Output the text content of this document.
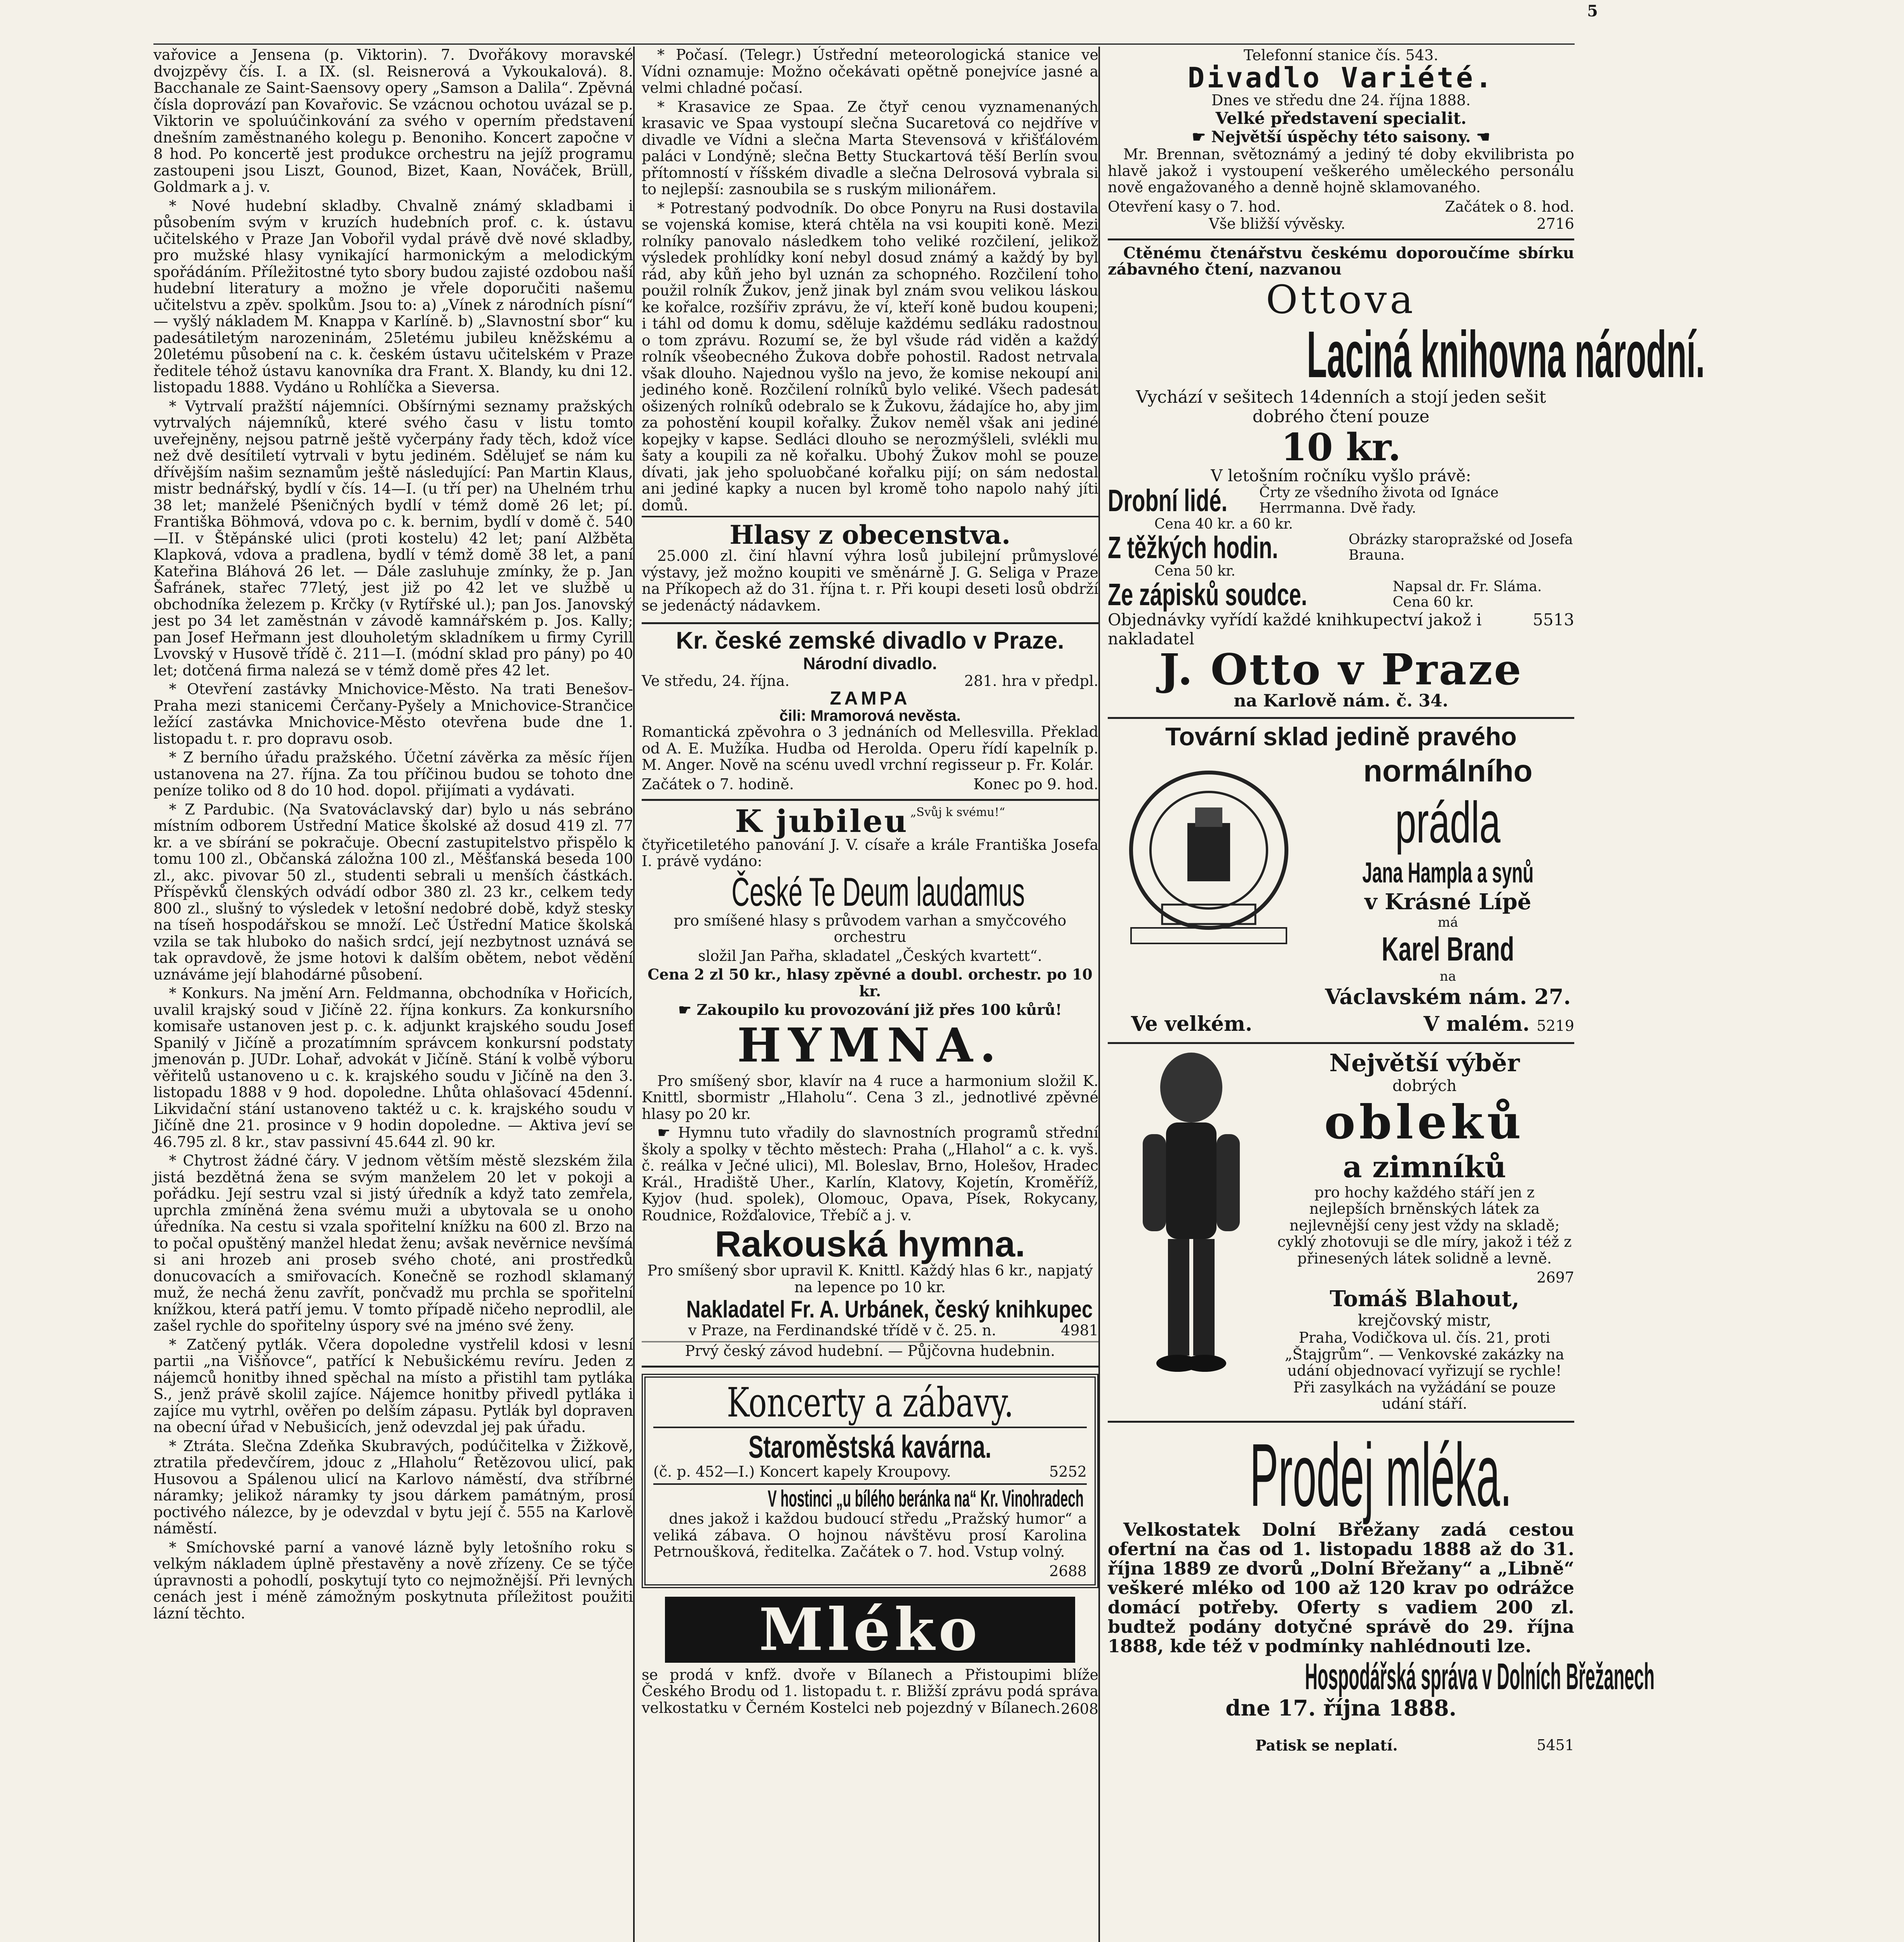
5

vařovice a Jensena (p. Viktorin). 7. Dvořákovy moravské dvojzpěvy čís. I. a IX. (sl. Reisnerová a Vykoukalová). 8. Bacchanale ze Saint-Saensovy opery „Samson a Dalila“. Zpěvná čísla doprovází pan Kovařovic. Se vzácnou ochotou uvázal se p. Viktorin ve spoluúčinkování za svého v operním představení dnešním zaměstnaného kolegu p. Benoniho. Koncert započne v 8 hod. Po koncertě jest produkce orchestru na jejíž programu zastoupeni jsou Liszt, Gounod, Bizet, Kaan, Nováček, Brüll, Goldmark a j. v.

* Nové hudební skladby. Chvalně známý skladbami i působením svým v kruzích hudebních prof. c. k. ústavu učitelského v Praze Jan Vobořil vydal právě dvě nové skladby, pro mužské hlasy vynikající harmonickým a melodickým spořádáním. Příležitostné tyto sbory budou zajisté ozdobou naší hudební literatury a možno je vřele doporučiti našemu učitelstvu a zpěv. spolkům. Jsou to: a) „Vínek z národních písní“ — vyšlý nákladem M. Knappa v Karlíně. b) „Slavnostní sbor“ ku padesátiletým narozeninám, 25letému jubileu kněžskému a 20letému působení na c. k. českém ústavu učitelském v Praze ředitele téhož ústavu kanovníka dra Frant. X. Blandy, ku dni 12. listopadu 1888. Vydáno u Rohlíčka a Sieversa.

* Vytrvalí pražští nájemníci. Obšírnými seznamy pražských vytrvalých nájemníků, které svého času v listu tomto uveřejněny, nejsou patrně ještě vyčerpány řady těch, kdož více než dvě desítiletí vytrvali v bytu jediném. Sdělujeť se nám ku dřívějším našim seznamům ještě následující: Pan Martin Klaus, mistr bednářský, bydlí v čís. 14—I. (u tří per) na Uhelném trhu 38 let; manželé Pšeničných bydlí v témž domě 26 let; pí. Františka Böhmová, vdova po c. k. bernim, bydlí v domě č. 540—II. v Štěpánské ulici (proti kostelu) 42 let; paní Alžběta Klapková, vdova a pradlena, bydlí v témž domě 38 let, a paní Kateřina Bláhová 26 let. — Dále zasluhuje zmínky, že p. Jan Šafránek, stařec 77letý, jest již po 42 let ve službě u obchodníka železem p. Krčky (v Rytířské ul.); pan Jos. Janovský jest po 34 let zaměstnán v závodě kamnářském p. Jos. Kally; pan Josef Heřmann jest dlouholetým skladníkem u firmy Cyrill Lvovský v Husově třídě č. 211—I. (módní sklad pro pány) po 40 let; dotčená firma nalezá se v témž domě přes 42 let.

* Otevření zastávky Mnichovice-Město. Na trati Benešov-Praha mezi stanicemi Čerčany-Pyšely a Mnichovice-Strančice ležící zastávka Mnichovice-Město otevřena bude dne 1. listopadu t. r. pro dopravu osob.

* Z berního úřadu pražského. Účetní závěrka za měsíc říjen ustanovena na 27. října. Za tou příčinou budou se tohoto dne peníze toliko od 8 do 10 hod. dopol. přijímati a vydávati.

* Z Pardubic. (Na Svatováclavský dar) bylo u nás sebráno místním odborem Ústřední Matice školské až dosud 419 zl. 77 kr. a ve sbírání se pokračuje. Obecní zastupitelstvo přispělo k tomu 100 zl., Občanská záložna 100 zl., Měšťanská beseda 100 zl., akc. pivovar 50 zl., studenti sebrali u menších částkách. Příspěvků členských odvádí odbor 380 zl. 23 kr., celkem tedy 800 zl., slušný to výsledek v letošní nedobré době, když stesky na tíseň hospodářskou se množí. Leč Ústřední Matice školská vzila se tak hluboko do našich srdcí, její nezbytnost uznává se tak opravdově, že jsme hotovi k dalším obětem, nebot vědění uznáváme její blahodárné působení.

* Konkurs. Na jmění Arn. Feldmanna, obchodníka v Hořicích, uvalil krajský soud v Jičíně 22. října konkurs. Za konkursního komisaře ustanoven jest p. c. k. adjunkt krajského soudu Josef Spanilý v Jičíně a prozatímním správcem konkursní podstaty jmenován p. JUDr. Lohař, advokát v Jičíně. Stání k volbě výboru věřitelů ustanoveno u c. k. krajského soudu v Jičíně na den 3. listopadu 1888 v 9 hod. dopoledne. Lhůta ohlašovací 45denní. Likvidační stání ustanoveno taktéž u c. k. krajského soudu v Jičíně dne 21. prosince v 9 hodin dopoledne. — Aktiva jeví se 46.795 zl. 8 kr., stav passivní 45.644 zl. 90 kr.

* Chytrost žádné čáry. V jednom větším městě slezském žila jistá bezdětná žena se svým manželem 20 let v pokoji a pořádku. Její sestru vzal si jistý úředník a když tato zemřela, uprchla zmíněná žena svému muži a ubytovala se u onoho úředníka. Na cestu si vzala spořitelní knížku na 600 zl. Brzo na to počal opuštěný manžel hledat ženu; avšak nevěrnice nevšímá si ani hrozeb ani proseb svého choté, ani prostředků donucovacích a smiřovacích. Konečně se rozhodl sklamaný muž, že nechá ženu zavřít, pončvadž mu prchla se spořitelní knížkou, která patří jemu. V tomto případě ničeho neprodlil, ale zašel rychle do spořitelny úspory své na jméno své ženy.

* Zatčený pytlák. Včera dopoledne vystřelil kdosi v lesní partii „na Višňovce“, patřící k Nebušickému revíru. Jeden z nájemců honitby ihned spěchal na místo a přistihl tam pytláka S., jenž právě skolil zajíce. Nájemce honitby přivedl pytláka i zajíce mu vytrhl, ověřen po delším zápasu. Pytlák byl dopraven na obecní úřad v Nebušicích, jenž odevzdal jej pak úřadu.

* Ztráta. Slečna Zdeňka Skubravých, podúčitelka v Žižkově, ztratila předevčírem, jdouc z „Hlaholu“ Řetězovou ulicí, pak Husovou a Spálenou ulicí na Karlovo náměstí, dva stříbrné náramky; jelikož náramky ty jsou dárkem památným, prosí poctivého nálezce, by je odevzdal v bytu její č. 555 na Karlově náměstí.

* Smíchovské parní a vanové lázně byly letošního roku s velkým nákladem úplně přestavěny a nově zřízeny. Ce se týče úpravnosti a pohodlí, poskytují tyto co nejmožnější. Při levných cenách jest i méně zámožným poskytnuta příležitost použiti lázní těchto.

* Počasí. (Telegr.) Ústřední meteorologická stanice ve Vídni oznamuje: Možno očekávati opětně ponejvíce jasné a velmi chladné počasí.

* Krasavice ze Spaa. Ze čtyř cenou vyznamenaných krasavic ve Spaa vystoupí slečna Sucaretová co nejdříve v divadle ve Vídni a slečna Marta Stevensová v křišťálovém paláci v Londýně; slečna Betty Stuckartová těší Berlín svou přítomností v říšském divadle a slečna Delrosová vybrala si to nejlepší: zasnoubila se s ruským milionářem.

* Potrestaný podvodník. Do obce Ponyru na Rusi dostavila se vojenská komise, která chtěla na vsi koupiti koně. Mezi rolníky panovalo následkem toho veliké rozčilení, jelikož výsledek prohlídky koní nebyl dosud známý a každý by byl rád, aby kůň jeho byl uznán za schopného. Rozčilení toho použil rolník Žukov, jenž jinak byl znám svou velikou láskou ke kořalce, rozšířiv zprávu, že ví, kteří koně budou koupeni; i táhl od domu k domu, sděluje každému sedláku radostnou o tom zprávu. Rozumí se, že byl všude rád viděn a každý rolník všeobecného Žukova dobře pohostil. Radost netrvala však dlouho. Najednou vyšlo na jevo, že komise nekoupí ani jediného koně. Rozčilení rolníků bylo veliké. Všech padesát ošizených rolníků odebralo se k Žukovu, žádajíce ho, aby jim za pohostění koupil kořalky. Žukov neměl však ani jediné kopejky v kapse. Sedláci dlouho se nerozmýšleli, svlékli mu šaty a koupili za ně kořalku. Ubohý Žukov mohl se pouze dívati, jak jeho spoluobčané kořalku pijí; on sám nedostal ani jediné kapky a nucen byl kromě toho napolo nahý jíti domů.

Hlasy z obecenstva.

25.000 zl. činí hlavní výhra losů jubilejní průmyslové výstavy, jež možno koupiti ve směnárně J. G. Seliga v Praze na Příkopech až do 31. října t. r. Při koupi deseti losů obdrží se jedenáctý nádavkem.

Kr. české zemské divadlo v Praze.
Národní divadlo.
Ve středu, 24. října.	281. hra v předpl.
ZAMPA
čili: Mramorová nevěsta.

Romantická zpěvohra o 3 jednáních od Mellesvilla. Překlad od A. E. Mužíka. Hudba od Herolda. Operu řídí kapelník p. M. Anger. Nově na scénu uvedl vrchní regisseur p. Fr. Kolár.

Začátek o 7. hodině.	Konec po 9. hod.
K jubileu „Svůj k svému!“

čtyřicetiletého panování J. V. císaře a krále Františka Josefa I. právě vydáno:

České Te Deum laudamus

pro smíšené hlasy s průvodem varhan a smyčcového orchestru

složil Jan Pařha, skladatel „Českých kvartett“.

Cena 2 zl 50 kr., hlasy zpěvné a doubl. orchestr. po 10 kr.

☛ Zakoupilo ku provozování již přes 100 kůrů!

HYMNA.

Pro smíšený sbor, klavír na 4 ruce a harmonium složil K. Knittl, sbormistr „Hlaholu“. Cena 3 zl., jednotlivé zpěvné hlasy po 20 kr.

☛ Hymnu tuto vřadily do slavnostních programů střední školy a spolky v těchto městech: Praha („Hlahol“ a c. k. vyš. č. reálka v Ječné ulici), Ml. Boleslav, Brno, Holešov, Hradec Král., Hradiště Uher., Karlín, Klatovy, Kojetín, Kroměříž, Kyjov (hud. spolek), Olomouc, Opava, Písek, Rokycany, Roudnice, Rožďalovice, Třebíč a j. v.

Rakouská hymna.

Pro smíšený sbor upravil K. Knittl. Každý hlas 6 kr., napjatý na lepence po 10 kr.

Nakladatel Fr. A. Urbánek, český knihkupec
v Praze, na Ferdinandské třídě v č. 25. n.	4981
Prvý český závod hudební. — Půjčovna hudebnin.
Koncerty a zábavy.
Staroměstská kavárna.
(č. p. 452—I.) Koncert kapely Kroupovy.	5252
V hostinci „u bílého beránka na“ Kr. Vinohradech

dnes jakož i každou budoucí středu „Pražský humor“ a veliká zábava. O hojnou návštěvu prosí Karolina Petrnoušková, ředitelka. Začátek o 7. hod. Vstup volný.

2688
Mléko

se prodá v knfž. dvoře v Bílanech a Přistoupimi blíže Českého Brodu od 1. listopadu t. r. Bližší zprávu podá správa velkostatku v Černém Kostelci neb pojezdný v Bílanech. 2608
Telefonní stanice čís. 543.
Divadlo Variété.
Dnes ve středu dne 24. října 1888.
Velké představení specialit.
☛ Největší úspěchy této saisony. ☚

Mr. Brennan, světoznámý a jediný té doby ekvilibrista po hlavě jakož i vystoupení veškerého uměleckého personálu nově engažovaného a denně hojně sklamovaného.

Otevření kasy o 7. hod.	Začátek o 8. hod.
Vše bližší vývěsky.	2716

Ctěnému čtenářstvu českému doporoučíme sbírku zábavného čtení, nazvanou

Ottova
Laciná knihovna národní.

Vychází v sešitech 14denních a stojí jeden sešit dobrého čtení pouze

10 kr.
V letošním ročníku vyšlo právě:
Drobní lidé. Črty ze všedního života od Ignáce Herrmanna. Dvě řady.
Cena 40 kr. a 60 kr.
Z těžkých hodin.	Obrázky staropražské od Josefa Brauna.
Cena 50 kr.
Ze zápisků soudce.	Napsal dr. Fr. Sláma. Cena 60 kr.
Objednávky vyřídí každé knihkupectví jakož i nakladatel
5513
J. Otto v Praze
na Karlově nám. č. 34.
Tovární sklad jedině pravého
normálního
prádla
Jana Hampla a synů
v Krásné Lípě
má
Karel Brand
na
Václavském nám. 27.
Ve velkém.	V malém. 5219
Největší výběr
dobrých
obleků
a zimníků

pro hochy každého stáří jen z nejlepších brněnských látek za nejlevnější ceny jest vždy na skladě; cyklý zhotovuji se dle míry, jakož i též z přinesených látek solidně a levně.

2697
Tomáš Blahout,
krejčovský mistr,

Praha, Vodičkova ul. čís. 21, proti „Štajgrům“. — Venkovské zakázky na udání objednovací vyřizují se rychle! Při zasylkách na vyžádání se pouze udání stáří.

Prodej mléka.

Velkostatek Dolní Břežany zadá cestou ofertní na čas od 1. listopadu 1888 až do 31. října 1889 ze dvorů „Dolní Břežany“ a „Libně“ veškeré mléko od 100 až 120 krav po odrážce domácí potřeby. Oferty s vadiem 200 zl. budtež podány dotyčné správě do 29. října 1888, kde též v podmínky nahlédnouti lze.

Hospodářská správa v Dolních Břežanech
dne 17. října 1888.
Patisk se neplatí.	5451
